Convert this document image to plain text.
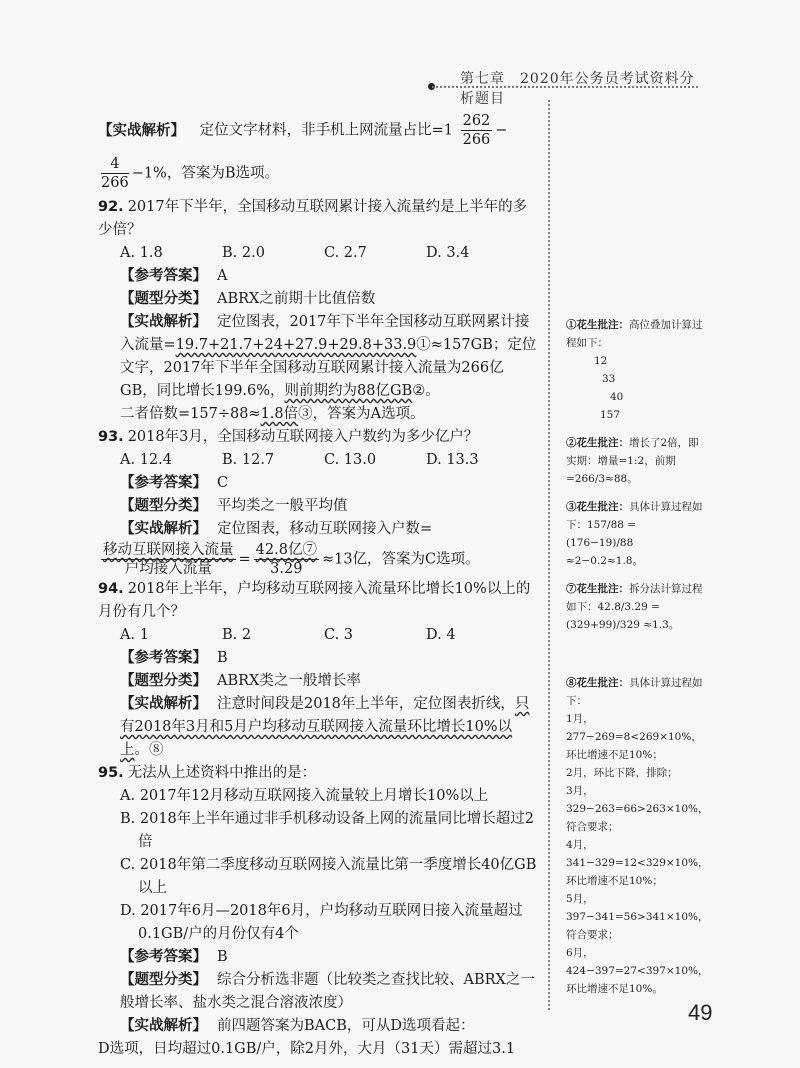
第七章　2020年公务员考试资料分析题目

【实战解析】 定位文字材料，非手机上网流量占比$=1 \frac{262}{266}$ −

$\frac{4}{266} -1\%$，答案为B选项。

92. 2017年下半年，全国移动互联网累计接入流量约是上半年的多少倍？

A. 1.8	B. 2.0	C. 2.7	D. 3.4

【参考答案】 A

【题型分类】 ABRX之前期十比值倍数

【实战解析】 定位图表，2017年下半年全国移动互联网累计接入流量=19.7+21.7+24+27.9+29.8+33.9①≈157GB；定位文字，2017年下半年全国移动互联网累计接入流量为266亿GB，同比增长199.6%，则前期约为88亿GB②。

二者倍数=157÷88≈1.8倍③，答案为A选项。

93. 2018年3月，全国移动互联网接入户数约为多少亿户？

A. 12.4	B. 12.7	C. 13.0	D. 13.3

【参考答案】 C

【题型分类】 平均类之一般平均值

【实战解析】 定位图表，移动互联网接入户数=

$\frac{\text{移动互联网接入流量}}{\text{户均接入流量}} = \frac{\text{42.8亿⑦}}{3.29} \approx 13$亿，答案为C选项。

94. 2018年上半年，户均移动互联网接入流量环比增长10%以上的月份有几个？

A. 1	B. 2	C. 3	D. 4

【参考答案】 B

【题型分类】 ABRX类之一般增长率

【实战解析】 注意时间段是2018年上半年，定位图表折线，只有2018年3月和5月户均移动互联网接入流量环比增长10%以上。⑧

95. 无法从上述资料中推出的是：

A. 2017年12月移动互联网接入流量较上月增长10%以上

B. 2018年上半年通过非手机移动设备上网的流量同比增长超过2倍

C. 2018年第二季度移动互联网接入流量比第一季度增长40亿GB以上

D. 2017年6月—2018年6月，户均移动互联网日接入流量超过0.1GB/户的月份仅有4个

【参考答案】 B

【题型分类】 综合分析选非题（比较类之查找比较、ABRX之一般增长率、盐水类之混合溶液浓度）

【实战解析】 前四题答案为BACB，可从D选项看起：

D选项，日均超过0.1GB/户，除2月外，大月（31天）需超过3.1

①花生批注：高位叠加计算过程如下：
12
33
40
157
②花生批注：增长了2倍，即实期：增量=1:2，前期=266/3≈88。
③花生批注：具体计算过程如下：157/88 = (176−19)/88 ≈2−0.2≈1.8。
⑦花生批注：拆分法计算过程如下：42.8/3.29 = (329+99)/329 ≈1.3。
⑧花生批注：具体计算过程如下：
1月，277−269=8<269×10%，环比增速不足10%；
2月，环比下降，排除；
3月，329−263=66>263×10%，符合要求；
4月，341−329=12<329×10%，环比增速不足10%；
5月，397−341=56>341×10%，符合要求；
6月，424−397=27<397×10%，环比增速不足10%。
49
